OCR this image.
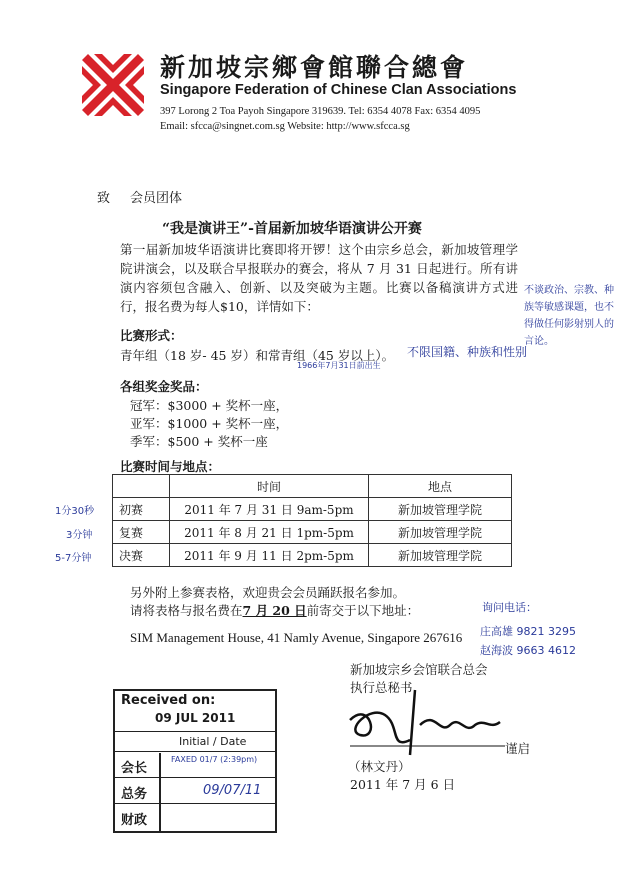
新加坡宗鄉會館聯合總會
Singapore Federation of Chinese Clan Associations
397 Lorong 2 Toa Payoh Singapore 319639. Tel: 6354 4078 Fax: 6354 4095
Email: sfcca@singnet.com.sg Website: http://www.sfcca.sg
致 会员团体
“我是演讲王”-首届新加坡华语演讲公开赛
第一届新加坡华语演讲比赛即将开锣！这个由宗乡总会，新加坡管理学院讲演会，以及联合早报联办的赛会，将从 7 月 31 日起进行。所有讲演内容须包含融入、创新、以及突破为主题。比赛以备稿演讲方式进行，报名费为每人$10，详情如下：
比赛形式：
青年组（18 岁- 45 岁）和常青组（45 岁以上）。
各组奖金奖品：
冠军：$3000 + 奖杯一座，
亚军：$1000 + 奖杯一座，
季军：$500 + 奖杯一座
比赛时间与地点：
	时间	地点
初赛	2011 年 7 月 31 日 9am-5pm	新加坡管理学院
复赛	2011 年 8 月 21 日 1pm-5pm	新加坡管理学院
决赛	2011 年 9 月 11 日 2pm-5pm	新加坡管理学院
另外附上参赛表格，欢迎贵会会员踊跃报名参加。
请将表格与报名费在7 月 20 日前寄交于以下地址：
SIM Management House, 41 Namly Avenue, Singapore 267616
新加坡宗乡会馆联合总会
执行总秘书
谨启
（林文丹）
2011 年 7 月 6 日
Received on:
09 JUL 2011
Initial / Date
会长
FAXED 01/7 (2:39pm)
总务	09/07/11
财政
不谈政治、宗教、种族等敏感课题，也不得做任何影射别人的言论。
不限国籍、种族和性别
1966年7月31日前出生
1分30秒
3分钟
5-7分钟
询问电话：
庄高雄 9821 3295
赵海波 9663 4612
